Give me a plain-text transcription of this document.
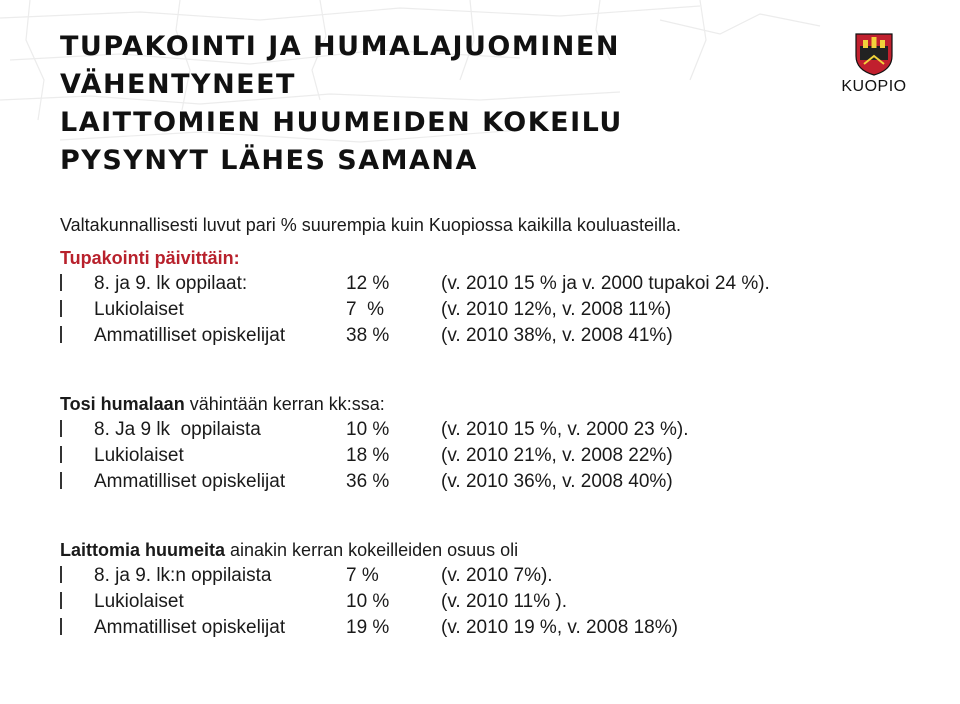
TUPAKOINTI JA HUMALAJUOMINEN
VÄHENTYNEET
LAITTOMIEN HUUMEIDEN KOKEILU
PYSYNYT LÄHES SAMANA
KUOPIO

Valtakunnallisesti luvut pari % suurempia kuin Kuopiossa kaikilla kouluasteilla.

Tupakointi päivittäin:
8. ja 9. lk oppilaat:	12 %	(v. 2010 15 % ja v. 2000 tupakoi 24 %).
Lukiolaiset	7  %	(v. 2010 12%, v. 2008 11%)
Ammatilliset opiskelijat	38 %	(v. 2010 38%, v. 2008 41%)
Tosi humalaan vähintään kerran kk:ssa:
8. Ja 9 lk  oppilaista	10 %	(v. 2010 15 %, v. 2000 23 %).
Lukiolaiset	18 %	(v. 2010 21%, v. 2008 22%)
Ammatilliset opiskelijat	36 %	(v. 2010 36%, v. 2008 40%)
Laittomia huumeita ainakin kerran kokeilleiden osuus oli
8. ja 9. lk:n oppilaista	7 %	(v. 2010 7%).
Lukiolaiset	10 %	(v. 2010 11% ).
Ammatilliset opiskelijat	19 %	(v. 2010 19 %, v. 2008 18%)
